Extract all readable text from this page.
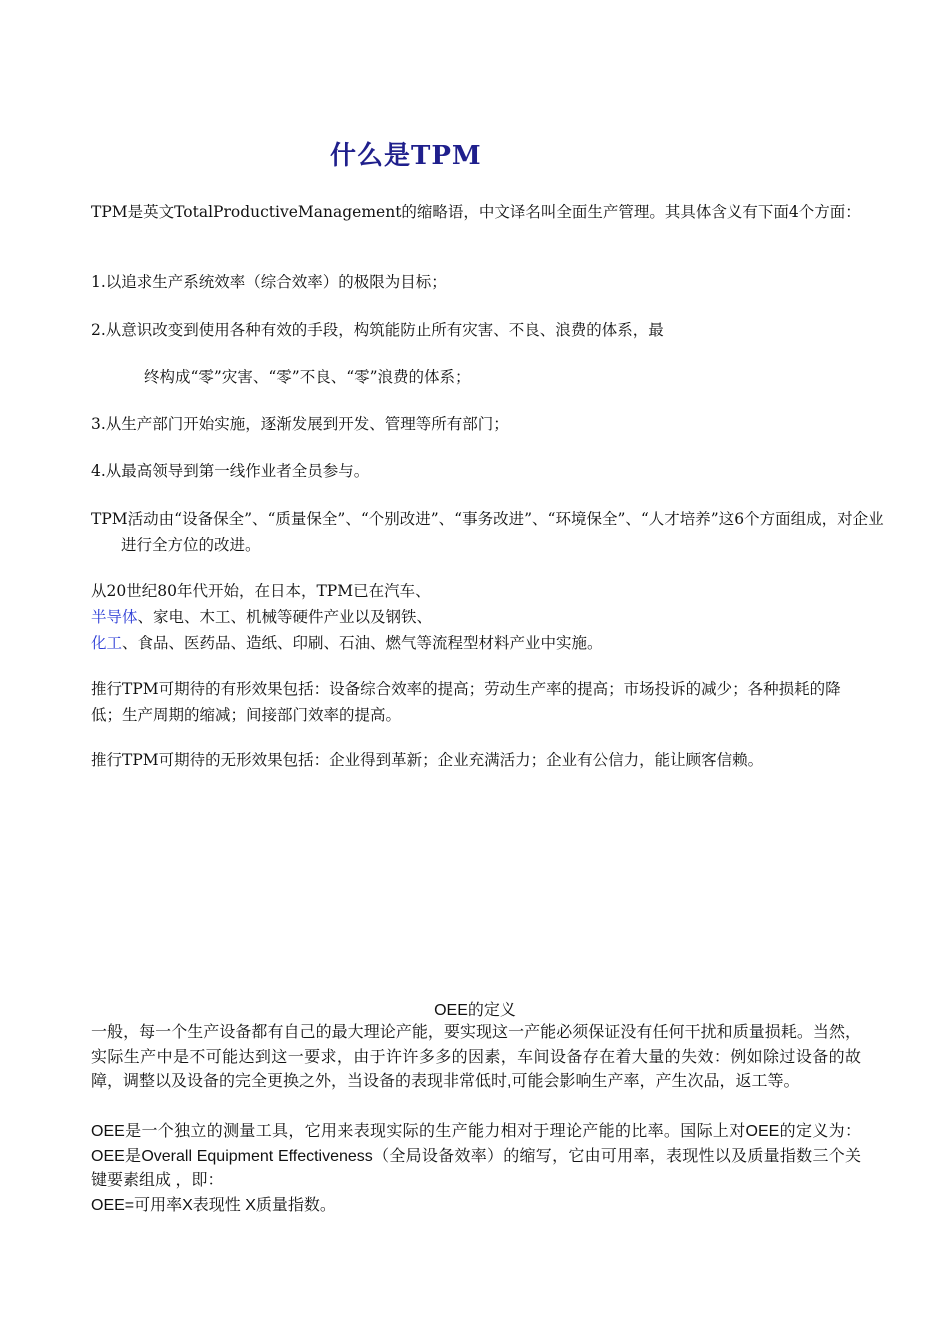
什么是TPM
TPM是英文TotalProductiveManagement的缩略语，中文译名叫全面生产管理。其具体含义有下面4个方面：
1.以追求生产系统效率（综合效率）的极限为目标；
2.从意识改变到使用各种有效的手段，构筑能防止所有灾害、不良、浪费的体系，最
终构成“零”灾害、“零”不良、“零”浪费的体系；
3.从生产部门开始实施，逐渐发展到开发、管理等所有部门；
4.从最高领导到第一线作业者全员参与。
TPM活动由“设备保全”、“质量保全”、“个别改进”、“事务改进”、“环境保全”、“人才培养”这6个方面组成，对企业进行全方位的改进。
从20世纪80年代开始，在日本，TPM已在汽车、
半导体、家电、木工、机械等硬件产业以及钢铁、
化工、食品、医药品、造纸、印刷、石油、燃气等流程型材料产业中实施。
推行TPM可期待的有形效果包括：设备综合效率的提高；劳动生产率的提高；市场投诉的减少；各种损耗的降低；生产周期的缩减；间接部门效率的提高。
推行TPM可期待的无形效果包括：企业得到革新；企业充满活力；企业有公信力，能让顾客信赖。
OEE的定义
一般，每一个生产设备都有自己的最大理论产能，要实现这一产能必须保证没有任何干扰和质量损耗。当然，实际生产中是不可能达到这一要求，由于许许多多的因素，车间设备存在着大量的失效：例如除过设备的故障，调整以及设备的完全更换之外，当设备的表现非常低时,可能会影响生产率，产生次品，返工等。
OEE是一个独立的测量工具，它用来表现实际的生产能力相对于理论产能的比率。国际上对OEE的定义为：OEE是Overall Equipment Effectiveness（全局设备效率）的缩写，它由可用率，表现性以及质量指数三个关键要素组成 ，即：
OEE=可用率X表现性 X质量指数。
